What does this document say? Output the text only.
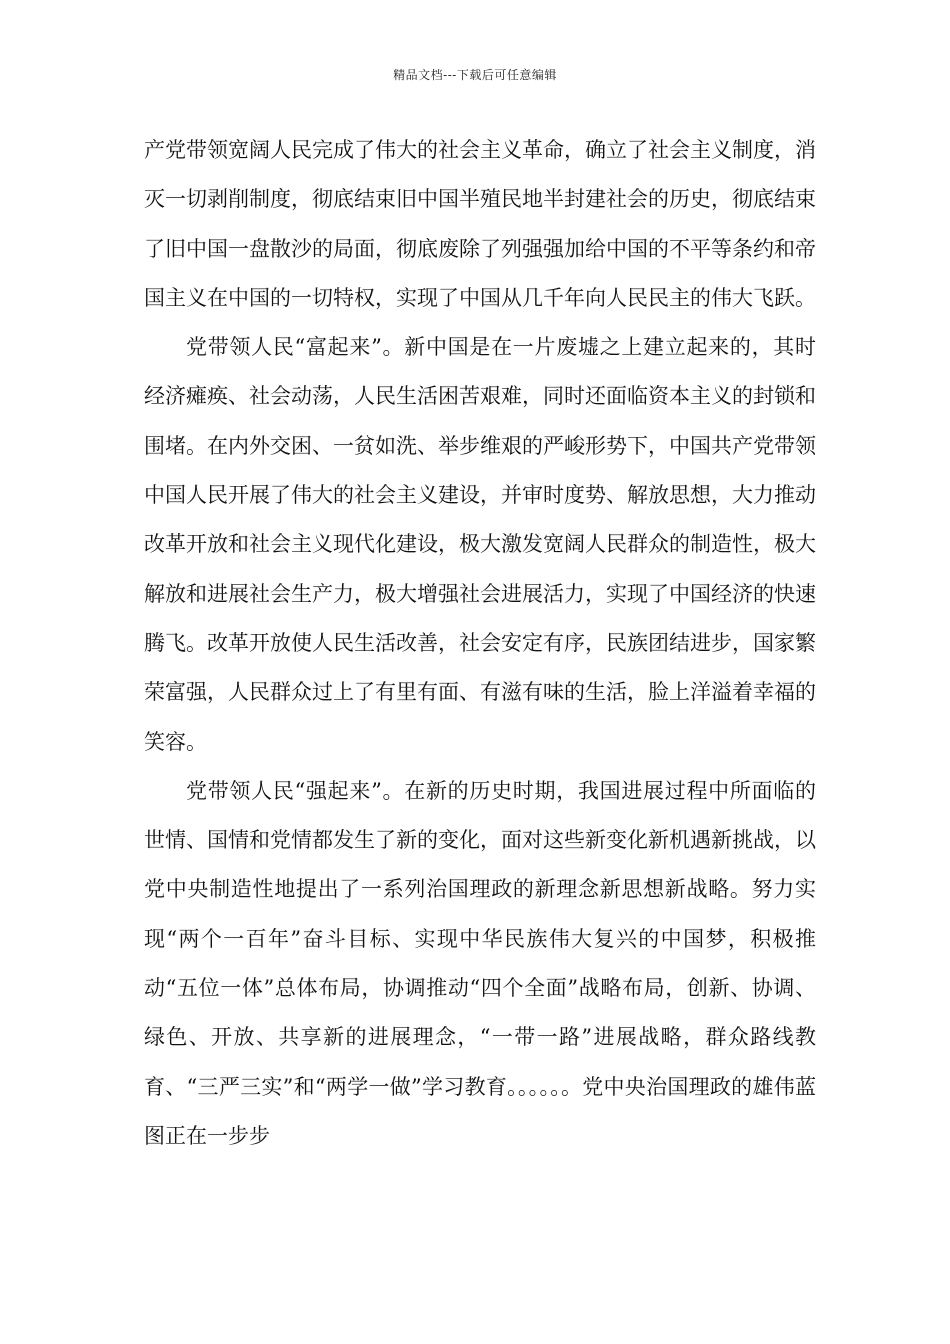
精品文档---下载后可任意编辑

产党带领宽阔人民完成了伟大的社会主义革命，确立了社会主义制度，消灭一切剥削制度，彻底结束旧中国半殖民地半封建社会的历史，彻底结束了旧中国一盘散沙的局面，彻底废除了列强强加给中国的不平等条约和帝国主义在中国的一切特权，实现了中国从几千年向人民民主的伟大飞跃。

党带领人民“富起来”。新中国是在一片废墟之上建立起来的，其时经济瘫痪、社会动荡，人民生活困苦艰难，同时还面临资本主义的封锁和围堵。在内外交困、一贫如洗、举步维艰的严峻形势下，中国共产党带领中国人民开展了伟大的社会主义建设，并审时度势、解放思想，大力推动改革开放和社会主义现代化建设，极大激发宽阔人民群众的制造性，极大解放和进展社会生产力，极大增强社会进展活力，实现了中国经济的快速腾飞。改革开放使人民生活改善，社会安定有序，民族团结进步，国家繁荣富强，人民群众过上了有里有面、有滋有味的生活，脸上洋溢着幸福的笑容。

党带领人民“强起来”。在新的历史时期，我国进展过程中所面临的世情、国情和党情都发生了新的变化，面对这些新变化新机遇新挑战，以党中央制造性地提出了一系列治国理政的新理念新思想新战略。努力实现“两个一百年”奋斗目标、实现中华民族伟大复兴的中国梦，积极推动“五位一体”总体布局，协调推动“四个全面”战略布局，创新、协调、绿色、开放、共享新的进展理念，“一带一路”进展战略，群众路线教育、“三严三实”和“两学一做”学习教育。。。。。。党中央治国理政的雄伟蓝图正在一步步
